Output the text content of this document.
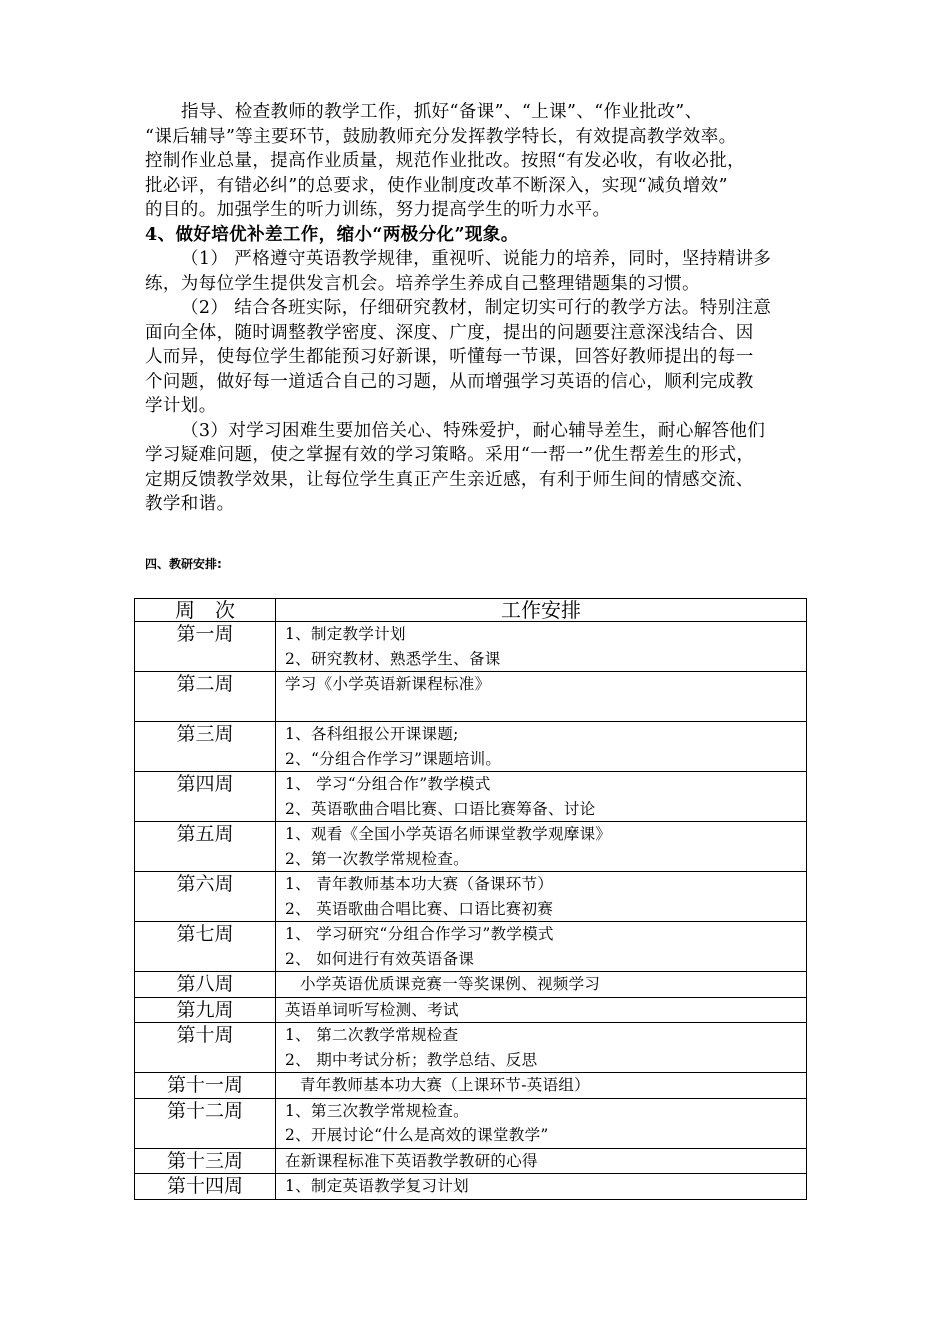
指导、检查教师的教学工作，抓好“备课”、“上课”、“作业批改”、

“课后辅导”等主要环节，鼓励教师充分发挥教学特长，有效提高教学效率。

控制作业总量，提高作业质量，规范作业批改。按照“有发必收，有收必批，

批必评，有错必纠”的总要求，使作业制度改革不断深入，实现“减负增效”

的目的。加强学生的听力训练，努力提高学生的听力水平。

4、做好培优补差工作，缩小“两极分化”现象。

（1） 严格遵守英语教学规律，重视听、说能力的培养，同时，坚持精讲多

练，为每位学生提供发言机会。培养学生养成自己整理错题集的习惯。

（2） 结合各班实际，仔细研究教材，制定切实可行的教学方法。特别注意

面向全体，随时调整教学密度、深度、广度，提出的问题要注意深浅结合、因

人而异，使每位学生都能预习好新课，听懂每一节课，回答好教师提出的每一

个问题，做好每一道适合自己的习题，从而增强学习英语的信心，顺利完成教

学计划。

（3）对学习困难生要加倍关心、特殊爱护，耐心辅导差生，耐心解答他们

学习疑难问题，使之掌握有效的学习策略。采用“一帮一”优生帮差生的形式，

定期反馈教学效果，让每位学生真正产生亲近感，有利于师生间的情感交流、

教学和谐。

四、教研安排:

周　次	工作安排
第一周	1、制定教学计划
2、研究教材、熟悉学生、备课

第二周	学习《小学英语新课程标准》

第三周	1、各科组报公开课课题;
2、“分组合作学习”课题培训。

第四周	1、 学习“分组合作”教学模式
2、英语歌曲合唱比赛、口语比赛筹备、讨论

第五周	1、观看《全国小学英语名师课堂教学观摩课》
2、第一次教学常规检查。

第六周	1、 青年教师基本功大赛（备课环节）
2、 英语歌曲合唱比赛、口语比赛初赛

第七周	1、 学习研究“分组合作学习”教学模式
2、 如何进行有效英语备课

第八周	小学英语优质课竞赛一等奖课例、视频学习

第九周	英语单词听写检测、考试

第十周	1、 第二次教学常规检查
2、 期中考试分析；教学总结、反思

第十一周	青年教师基本功大赛（上课环节-英语组）

第十二周	1、第三次教学常规检查。
2、开展讨论“什么是高效的课堂教学”

第十三周	在新课程标准下英语教学教研的心得

第十四周	1、制定英语教学复习计划
